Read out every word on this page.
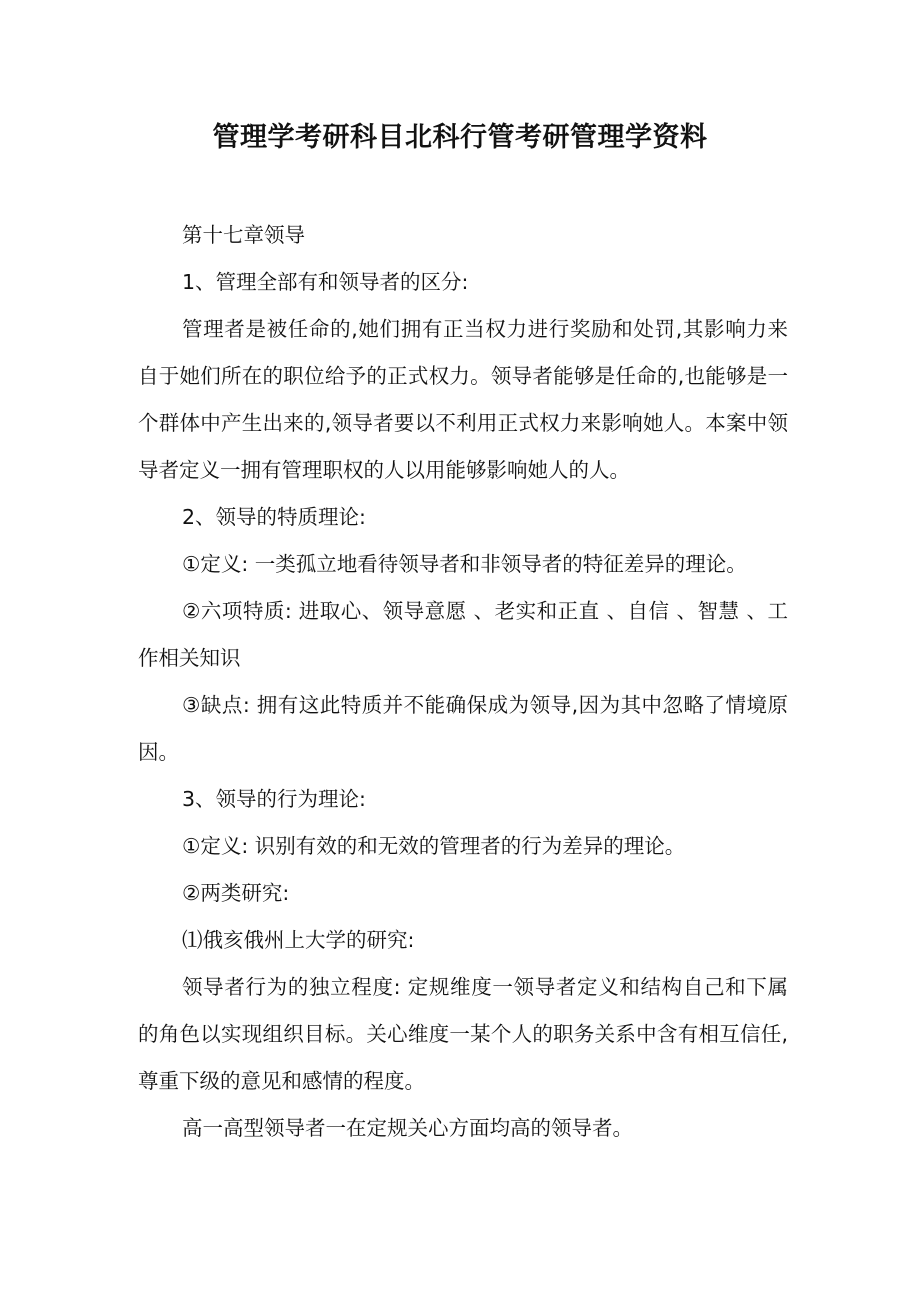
管理学考研科目北科行管考研管理学资料

第十七章领导

1、管理全部有和领导者的区分:

管理者是被任命的,她们拥有正当权力进行奖励和处罚,其影响力来自于她们所在的职位给予的正式权力。领导者能够是任命的,也能够是一个群体中产生出来的,领导者要以不利用正式权力来影响她人。本案中领导者定义一拥有管理职权的人以用能够影响她人的人。

2、领导的特质理论:

①定义: 一类孤立地看待领导者和非领导者的特征差异的理论。

②六项特质: 进取心、领导意愿 、老实和正直 、自信 、智慧 、工作相关知识

③缺点: 拥有这此特质并不能确保成为领导,因为其中忽略了情境原因。

3、领导的行为理论:

①定义: 识别有效的和无效的管理者的行为差异的理论。

②两类研究:

⑴俄亥俄州上大学的研究:

领导者行为的独立程度: 定规维度一领导者定义和结构自己和下属的角色以实现组织目标。关心维度一某个人的职务关系中含有相互信任,尊重下级的意见和感情的程度。

高一高型领导者一在定规关心方面均高的领导者。
